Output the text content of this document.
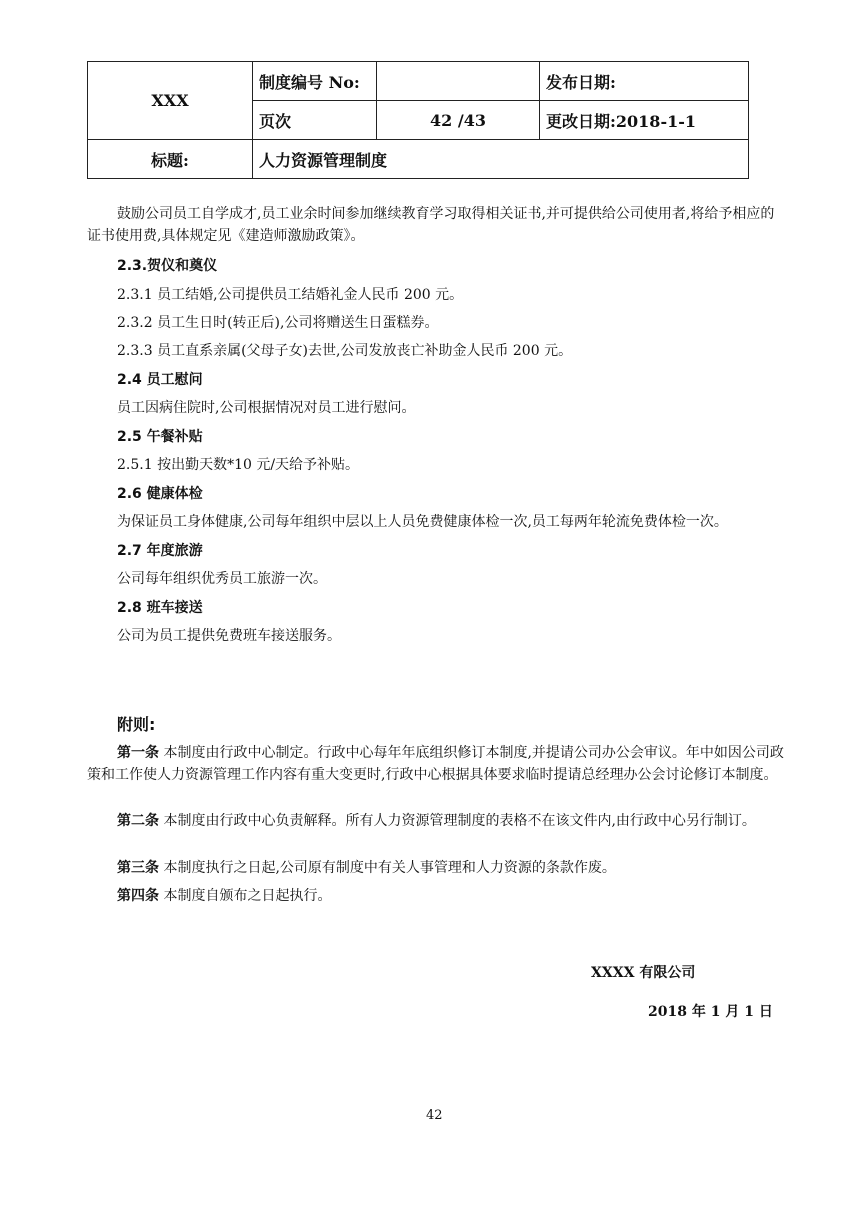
XXX	制度编号 No:		发布日期:
	页次	42 /43	更改日期:2018-1-1
标题:	人力资源管理制度		
鼓励公司员工自学成才,员工业余时间参加继续教育学习取得相关证书,并可提供给公司使用者,将给予相应的证书使用费,具体规定见《建造师激励政策》。
2.3.贺仪和奠仪
2.3.1 员工结婚,公司提供员工结婚礼金人民币 200 元。
2.3.2 员工生日时(转正后),公司将赠送生日蛋糕券。
2.3.3 员工直系亲属(父母子女)去世,公司发放丧亡补助金人民币 200 元。
2.4 员工慰问
员工因病住院时,公司根据情况对员工进行慰问。
2.5 午餐补贴
2.5.1 按出勤天数*10 元/天给予补贴。
2.6 健康体检
为保证员工身体健康,公司每年组织中层以上人员免费健康体检一次,员工每两年轮流免费体检一次。
2.7 年度旅游
公司每年组织优秀员工旅游一次。
2.8 班车接送
公司为员工提供免费班车接送服务。
附则:
第一条 本制度由行政中心制定。行政中心每年年底组织修订本制度,并提请公司办公会审议。年中如因公司政策和工作使人力资源管理工作内容有重大变更时,行政中心根据具体要求临时提请总经理办公会讨论修订本制度。
第二条 本制度由行政中心负责解释。所有人力资源管理制度的表格不在该文件内,由行政中心另行制订。
第三条 本制度执行之日起,公司原有制度中有关人事管理和人力资源的条款作废。
第四条 本制度自颁布之日起执行。
XXXX 有限公司
2018 年 1 月 1 日
42
